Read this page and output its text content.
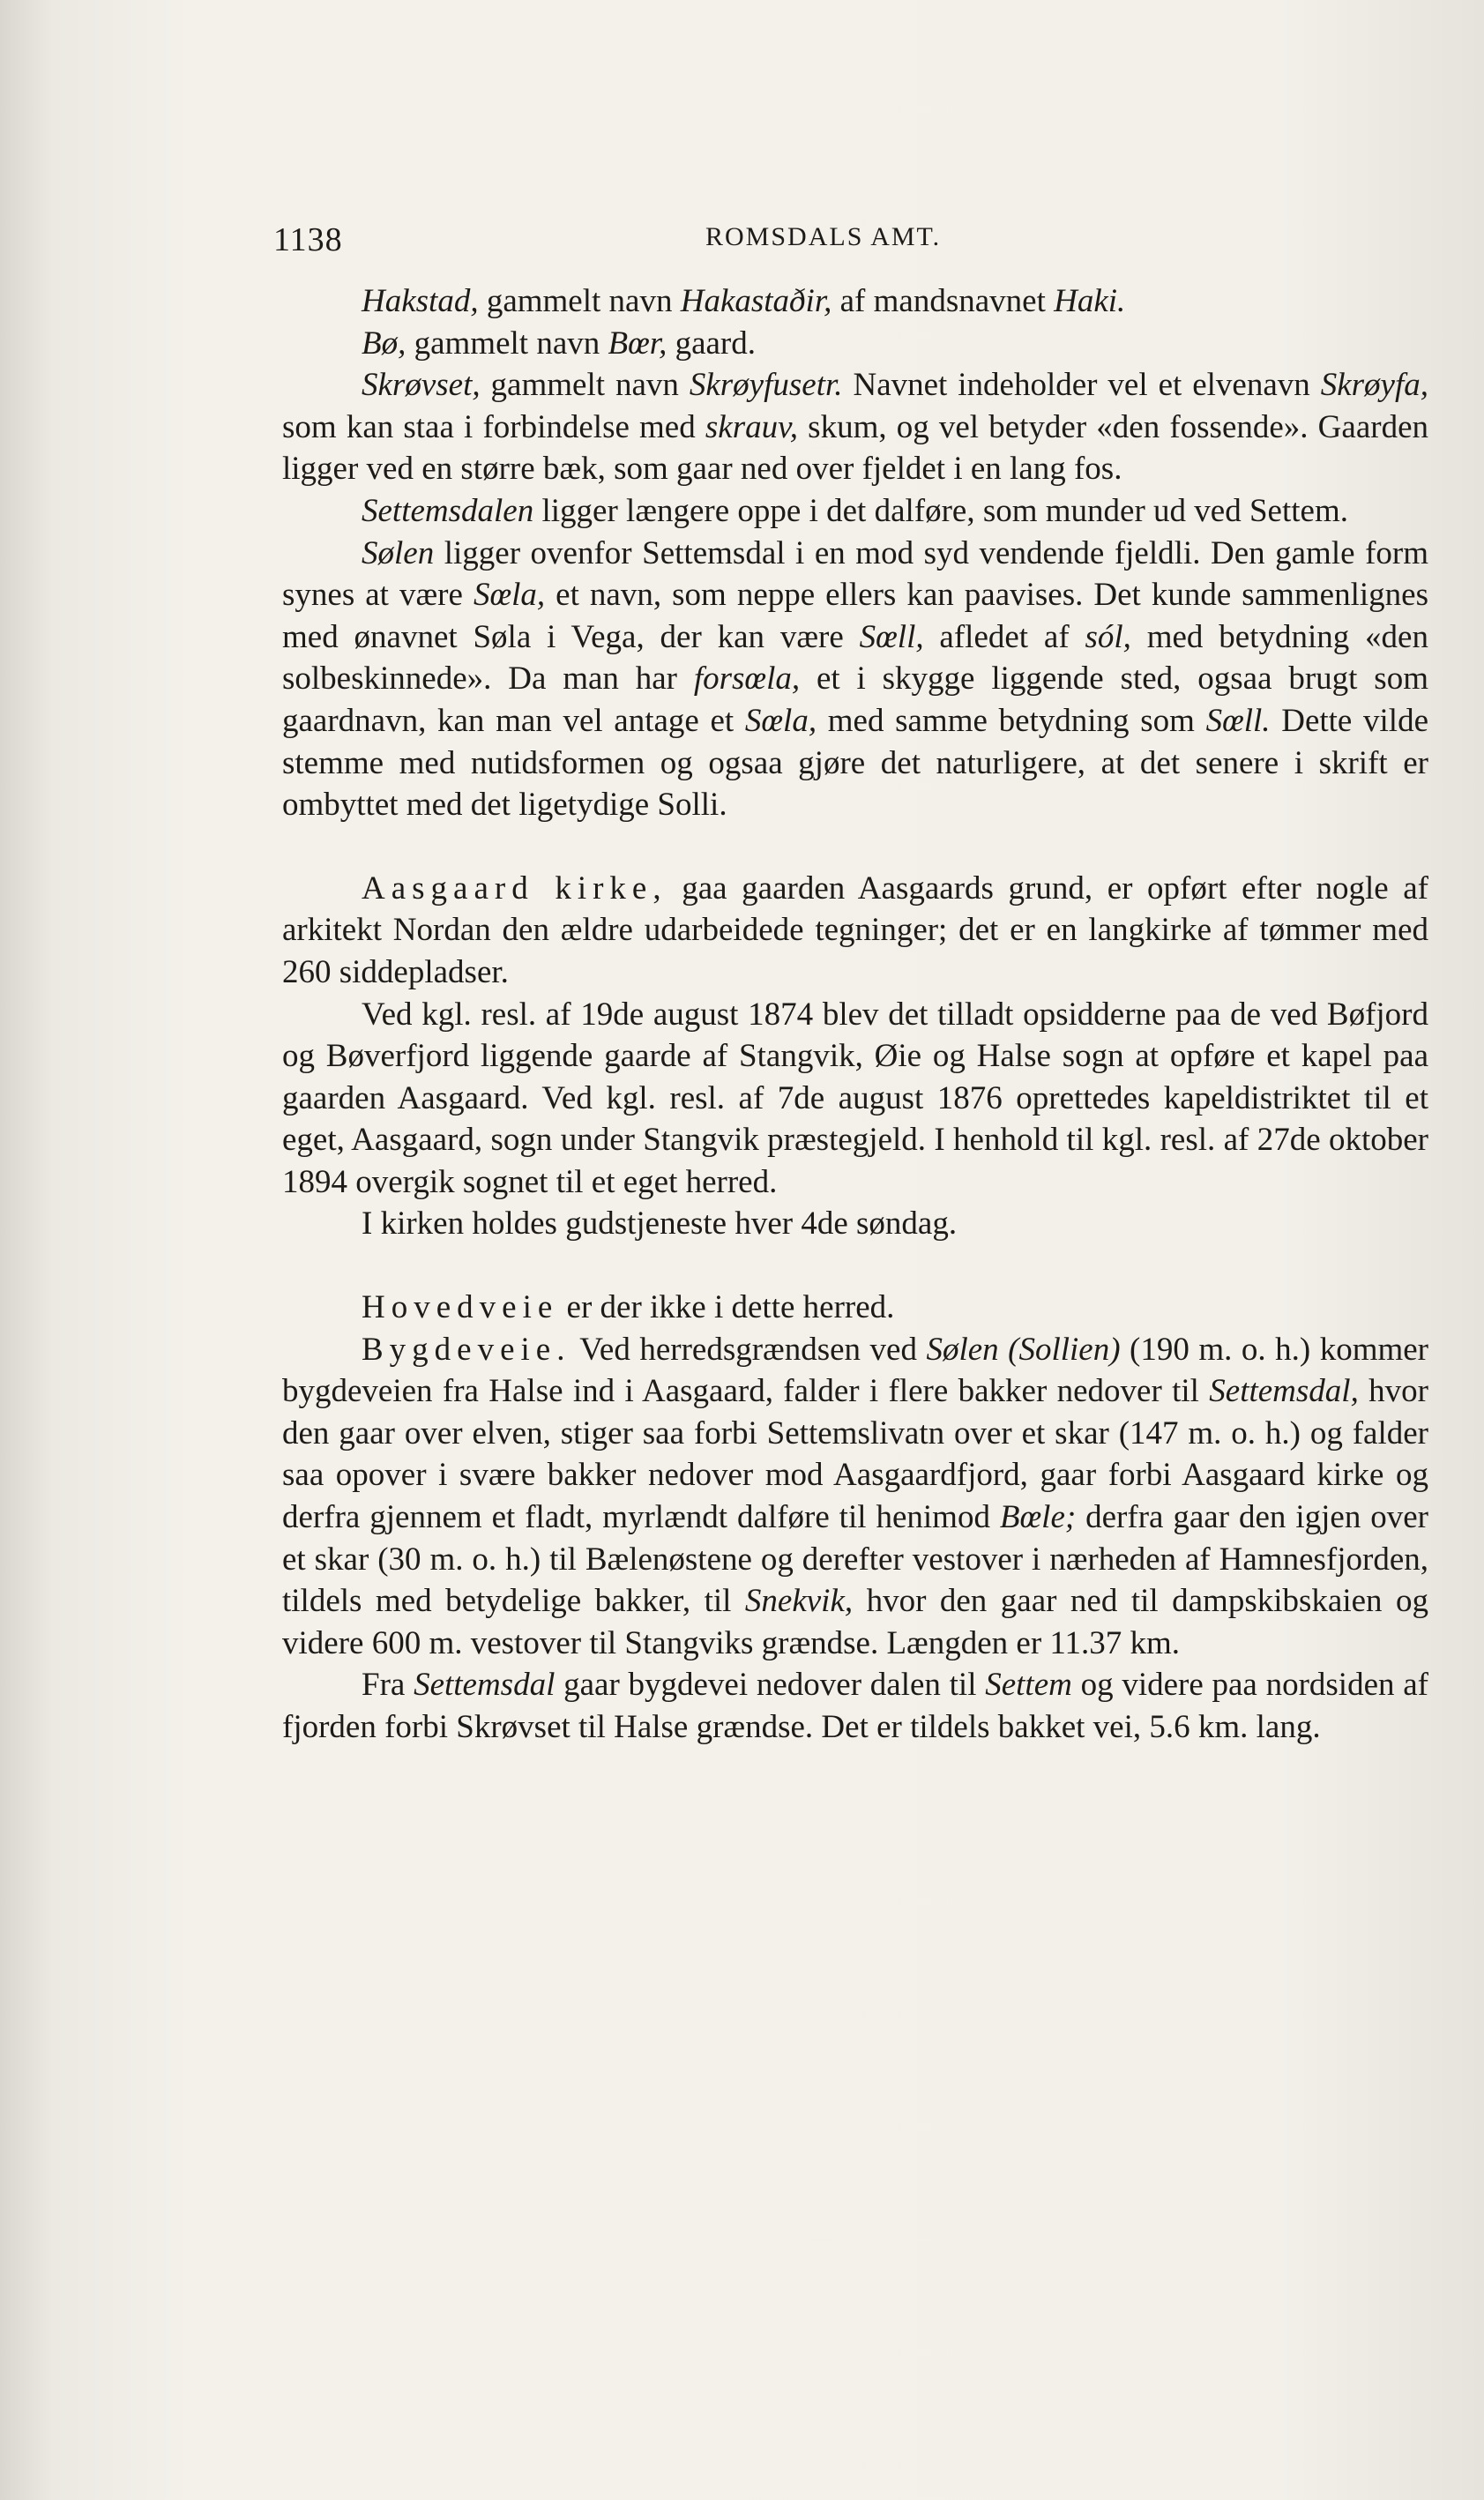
1138	ROMSDALS AMT.

Hakstad, gammelt navn Hakastaðir, af mandsnavnet Haki.

Bø, gammelt navn Bœr, gaard.

Skrøvset, gammelt navn Skrøyfusetr. Navnet indeholder vel et elvenavn Skrøyfa, som kan staa i forbindelse med skrauv, skum, og vel betyder «den fossende». Gaarden ligger ved en større bæk, som gaar ned over fjeldet i en lang fos.

Settemsdalen ligger længere oppe i det dalføre, som munder ud ved Settem.

Sølen ligger ovenfor Settemsdal i en mod syd vendende fjeldli. Den gamle form synes at være Sœla, et navn, som neppe ellers kan paavises. Det kunde sammenlignes med ønavnet Søla i Vega, der kan være Sœll, afledet af sól, med betydning «den solbeskinnede». Da man har forsœla, et i skygge liggende sted, ogsaa brugt som gaardnavn, kan man vel antage et Sœla, med samme betydning som Sœll. Dette vilde stemme med nutidsformen og ogsaa gjøre det naturligere, at det senere i skrift er ombyttet med det ligetydige Solli.

Aasgaard kirke, gaa gaarden Aasgaards grund, er opført efter nogle af arkitekt Nordan den ældre udarbeidede tegninger; det er en langkirke af tømmer med 260 siddepladser.

Ved kgl. resl. af 19de august 1874 blev det tilladt opsidderne paa de ved Bøfjord og Bøverfjord liggende gaarde af Stangvik, Øie og Halse sogn at opføre et kapel paa gaarden Aasgaard. Ved kgl. resl. af 7de august 1876 oprettedes kapeldistriktet til et eget, Aasgaard, sogn under Stangvik præstegjeld. I henhold til kgl. resl. af 27de oktober 1894 overgik sognet til et eget herred.

I kirken holdes gudstjeneste hver 4de søndag.

Hovedveie er der ikke i dette herred.

Bygdeveie. Ved herredsgrændsen ved Sølen (Sollien) (190 m. o. h.) kommer bygdeveien fra Halse ind i Aasgaard, falder i flere bakker nedover til Settemsdal, hvor den gaar over elven, stiger saa forbi Settemslivatn over et skar (147 m. o. h.) og falder saa opover i svære bakker nedover mod Aasgaardfjord, gaar forbi Aasgaard kirke og derfra gjennem et fladt, myrlændt dalføre til henimod Bœle; derfra gaar den igjen over et skar (30 m. o. h.) til Bælenøstene og derefter vestover i nærheden af Hamnesfjorden, tildels med betydelige bakker, til Snekvik, hvor den gaar ned til dampskibskaien og videre 600 m. vestover til Stangviks grændse. Længden er 11.37 km.

Fra Settemsdal gaar bygdevei nedover dalen til Settem og videre paa nordsiden af fjorden forbi Skrøvset til Halse grændse. Det er tildels bakket vei, 5.6 km. lang.
